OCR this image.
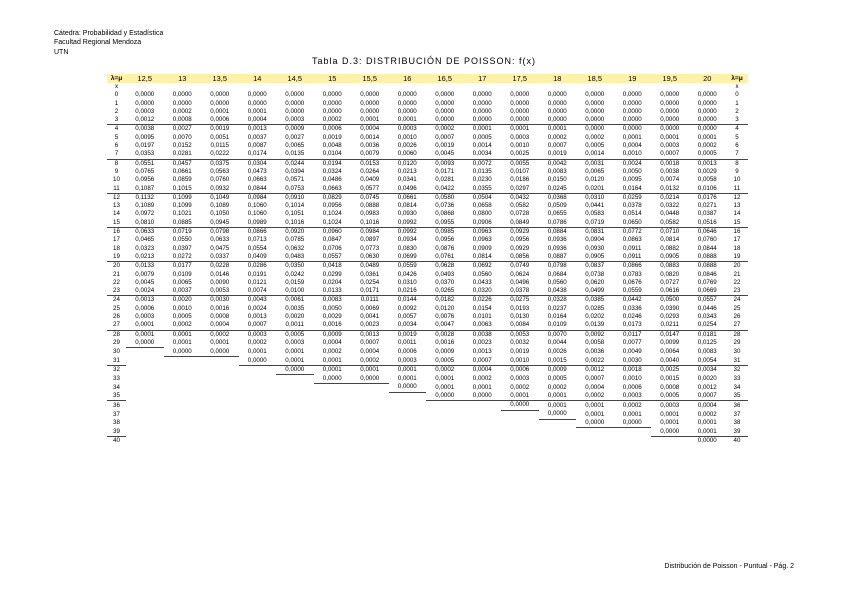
Cátedra: Probabilidad y Estadística
Facultad Regional Mendoza
UTN
Tabla D.3: DISTRIBUCIÓN DE POISSON: f(x)
λ=μ	12,5	13	13,5	14	14,5	15	15,5	16	16,5	17	17,5	18	18,5	19	19,5	20	λ=μ
x																	x
0	0,0000	0,0000	0,0000	0,0000	0,0000	0,0000	0,0000	0,0000	0,0000	0,0000	0,0000	0,0000	0,0000	0,0000	0,0000	0,0000	0
1	0,0000	0,0000	0,0000	0,0000	0,0000	0,0000	0,0000	0,0000	0,0000	0,0000	0,0000	0,0000	0,0000	0,0000	0,0000	0,0000	1
2	0,0003	0,0002	0,0001	0,0001	0,0000	0,0000	0,0000	0,0000	0,0000	0,0000	0,0000	0,0000	0,0000	0,0000	0,0000	0,0000	2
3	0,0012	0,0008	0,0006	0,0004	0,0003	0,0002	0,0001	0,0001	0,0000	0,0000	0,0000	0,0000	0,0000	0,0000	0,0000	0,0000	3
4	0,0038	0,0027	0,0019	0,0013	0,0009	0,0006	0,0004	0,0003	0,0002	0,0001	0,0001	0,0001	0,0000	0,0000	0,0000	0,0000	4
5	0,0095	0,0070	0,0051	0,0037	0,0027	0,0019	0,0014	0,0010	0,0007	0,0005	0,0003	0,0002	0,0002	0,0001	0,0001	0,0001	5
6	0,0197	0,0152	0,0115	0,0087	0,0065	0,0048	0,0036	0,0026	0,0019	0,0014	0,0010	0,0007	0,0005	0,0004	0,0003	0,0002	6
7	0,0353	0,0281	0,0222	0,0174	0,0135	0,0104	0,0079	0,0060	0,0045	0,0034	0,0025	0,0019	0,0014	0,0010	0,0007	0,0005	7
8	0,0551	0,0457	0,0375	0,0304	0,0244	0,0194	0,0153	0,0120	0,0093	0,0072	0,0055	0,0042	0,0031	0,0024	0,0018	0,0013	8
9	0,0765	0,0661	0,0563	0,0473	0,0394	0,0324	0,0264	0,0213	0,0171	0,0135	0,0107	0,0083	0,0065	0,0050	0,0038	0,0029	9
10	0,0956	0,0859	0,0760	0,0663	0,0571	0,0486	0,0409	0,0341	0,0281	0,0230	0,0186	0,0150	0,0120	0,0095	0,0074	0,0058	10
11	0,1087	0,1015	0,0932	0,0844	0,0753	0,0663	0,0577	0,0496	0,0422	0,0355	0,0297	0,0245	0,0201	0,0164	0,0132	0,0106	11
12	0,1132	0,1099	0,1049	0,0984	0,0910	0,0829	0,0745	0,0661	0,0580	0,0504	0,0432	0,0368	0,0310	0,0259	0,0214	0,0176	12
13	0,1089	0,1099	0,1089	0,1060	0,1014	0,0956	0,0888	0,0814	0,0736	0,0658	0,0582	0,0509	0,0441	0,0378	0,0322	0,0271	13
14	0,0972	0,1021	0,1050	0,1060	0,1051	0,1024	0,0983	0,0930	0,0868	0,0800	0,0728	0,0655	0,0583	0,0514	0,0448	0,0387	14
15	0,0810	0,0885	0,0945	0,0989	0,1016	0,1024	0,1016	0,0992	0,0955	0,0906	0,0849	0,0786	0,0719	0,0650	0,0582	0,0516	15
16	0,0633	0,0719	0,0798	0,0866	0,0920	0,0960	0,0984	0,0992	0,0985	0,0963	0,0929	0,0884	0,0831	0,0772	0,0710	0,0646	16
17	0,0465	0,0550	0,0633	0,0713	0,0785	0,0847	0,0897	0,0934	0,0956	0,0963	0,0956	0,0936	0,0904	0,0863	0,0814	0,0760	17
18	0,0323	0,0397	0,0475	0,0554	0,0632	0,0706	0,0773	0,0830	0,0876	0,0909	0,0929	0,0936	0,0930	0,0911	0,0882	0,0844	18
19	0,0213	0,0272	0,0337	0,0409	0,0483	0,0557	0,0630	0,0699	0,0761	0,0814	0,0856	0,0887	0,0905	0,0911	0,0905	0,0888	19
20	0,0133	0,0177	0,0228	0,0286	0,0350	0,0418	0,0489	0,0559	0,0628	0,0692	0,0749	0,0798	0,0837	0,0866	0,0883	0,0888	20
21	0,0079	0,0109	0,0146	0,0191	0,0242	0,0299	0,0361	0,0426	0,0493	0,0560	0,0624	0,0684	0,0738	0,0783	0,0820	0,0846	21
22	0,0045	0,0065	0,0090	0,0121	0,0159	0,0204	0,0254	0,0310	0,0370	0,0433	0,0496	0,0560	0,0620	0,0676	0,0727	0,0769	22
23	0,0024	0,0037	0,0053	0,0074	0,0100	0,0133	0,0171	0,0216	0,0265	0,0320	0,0378	0,0438	0,0499	0,0559	0,0616	0,0669	23
24	0,0013	0,0020	0,0030	0,0043	0,0061	0,0083	0,0111	0,0144	0,0182	0,0226	0,0275	0,0328	0,0385	0,0442	0,0500	0,0557	24
25	0,0006	0,0010	0,0016	0,0024	0,0035	0,0050	0,0069	0,0092	0,0120	0,0154	0,0193	0,0237	0,0285	0,0336	0,0390	0,0446	25
26	0,0003	0,0005	0,0008	0,0013	0,0020	0,0029	0,0041	0,0057	0,0076	0,0101	0,0130	0,0164	0,0202	0,0246	0,0293	0,0343	26
27	0,0001	0,0002	0,0004	0,0007	0,0011	0,0016	0,0023	0,0034	0,0047	0,0063	0,0084	0,0109	0,0139	0,0173	0,0211	0,0254	27
28	0,0001	0,0001	0,0002	0,0003	0,0005	0,0009	0,0013	0,0019	0,0028	0,0038	0,0053	0,0070	0,0092	0,0117	0,0147	0,0181	28
29	0,0000	0,0001	0,0001	0,0002	0,0003	0,0004	0,0007	0,0011	0,0016	0,0023	0,0032	0,0044	0,0058	0,0077	0,0099	0,0125	29
30		0,0000	0,0000	0,0001	0,0001	0,0002	0,0004	0,0006	0,0009	0,0013	0,0019	0,0026	0,0036	0,0049	0,0064	0,0083	30
31				0,0000	0,0001	0,0001	0,0002	0,0003	0,0005	0,0007	0,0010	0,0015	0,0022	0,0030	0,0040	0,0054	31
32					0,0000	0,0001	0,0001	0,0001	0,0002	0,0004	0,0006	0,0009	0,0012	0,0018	0,0025	0,0034	32
33						0,0000	0,0000	0,0001	0,0001	0,0002	0,0003	0,0005	0,0007	0,0010	0,0015	0,0020	33
34								0,0000	0,0001	0,0001	0,0002	0,0002	0,0004	0,0006	0,0008	0,0012	34
35									0,0000	0,0000	0,0001	0,0001	0,0002	0,0003	0,0005	0,0007	35
36											0,0000	0,0001	0,0001	0,0002	0,0003	0,0004	36
37												0,0000	0,0001	0,0001	0,0001	0,0002	37
38													0,0000	0,0000	0,0001	0,0001	38
39															0,0000	0,0001	39
40																0,0000	40
Distribución de Poisson - Puntual - Pág. 2
